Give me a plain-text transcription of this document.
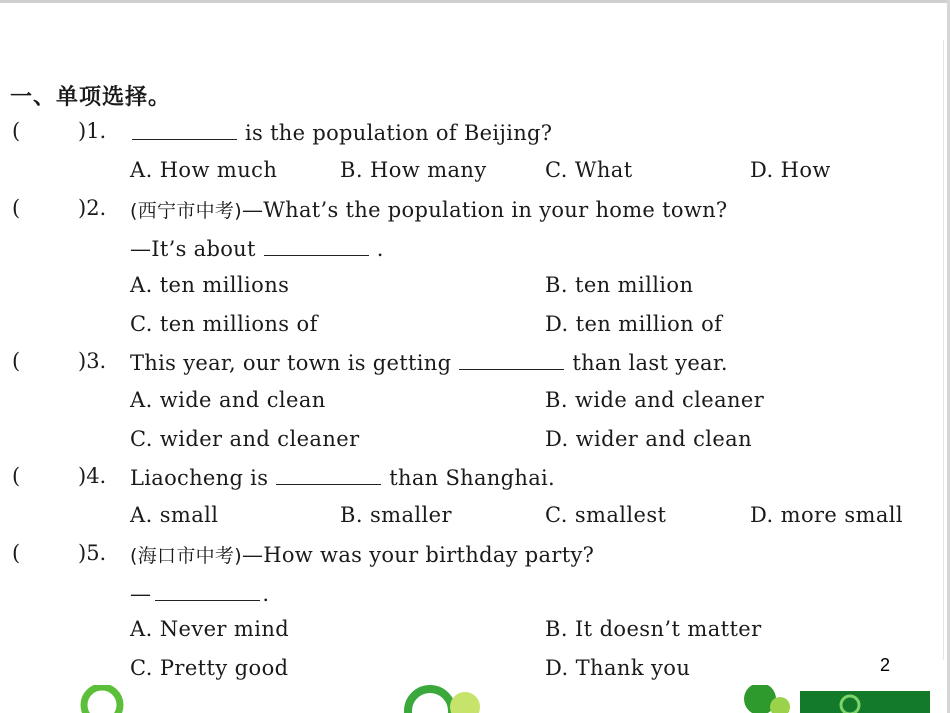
一、单项选择。
(	)1.	is the population of Beijing?
A. How much	B. How many	C. What	D. How
(	)2. (西宁市中考)—What’s the population in your home town?
—It’s about	.
A. ten millions	B. ten million
C. ten millions of	D. ten million of
(	)3. This year, our town is getting	than last year.
A. wide and clean	B. wide and cleaner
C. wider and cleaner	D. wider and clean
(	)4. Liaocheng is	than Shanghai.
A. small	B. smaller	C. smallest	D. more small
(	)5. (海口市中考)—How was your birthday party?
—	.
A. Never mind	B. It doesn’t matter
C. Pretty good	D. Thank you	2
